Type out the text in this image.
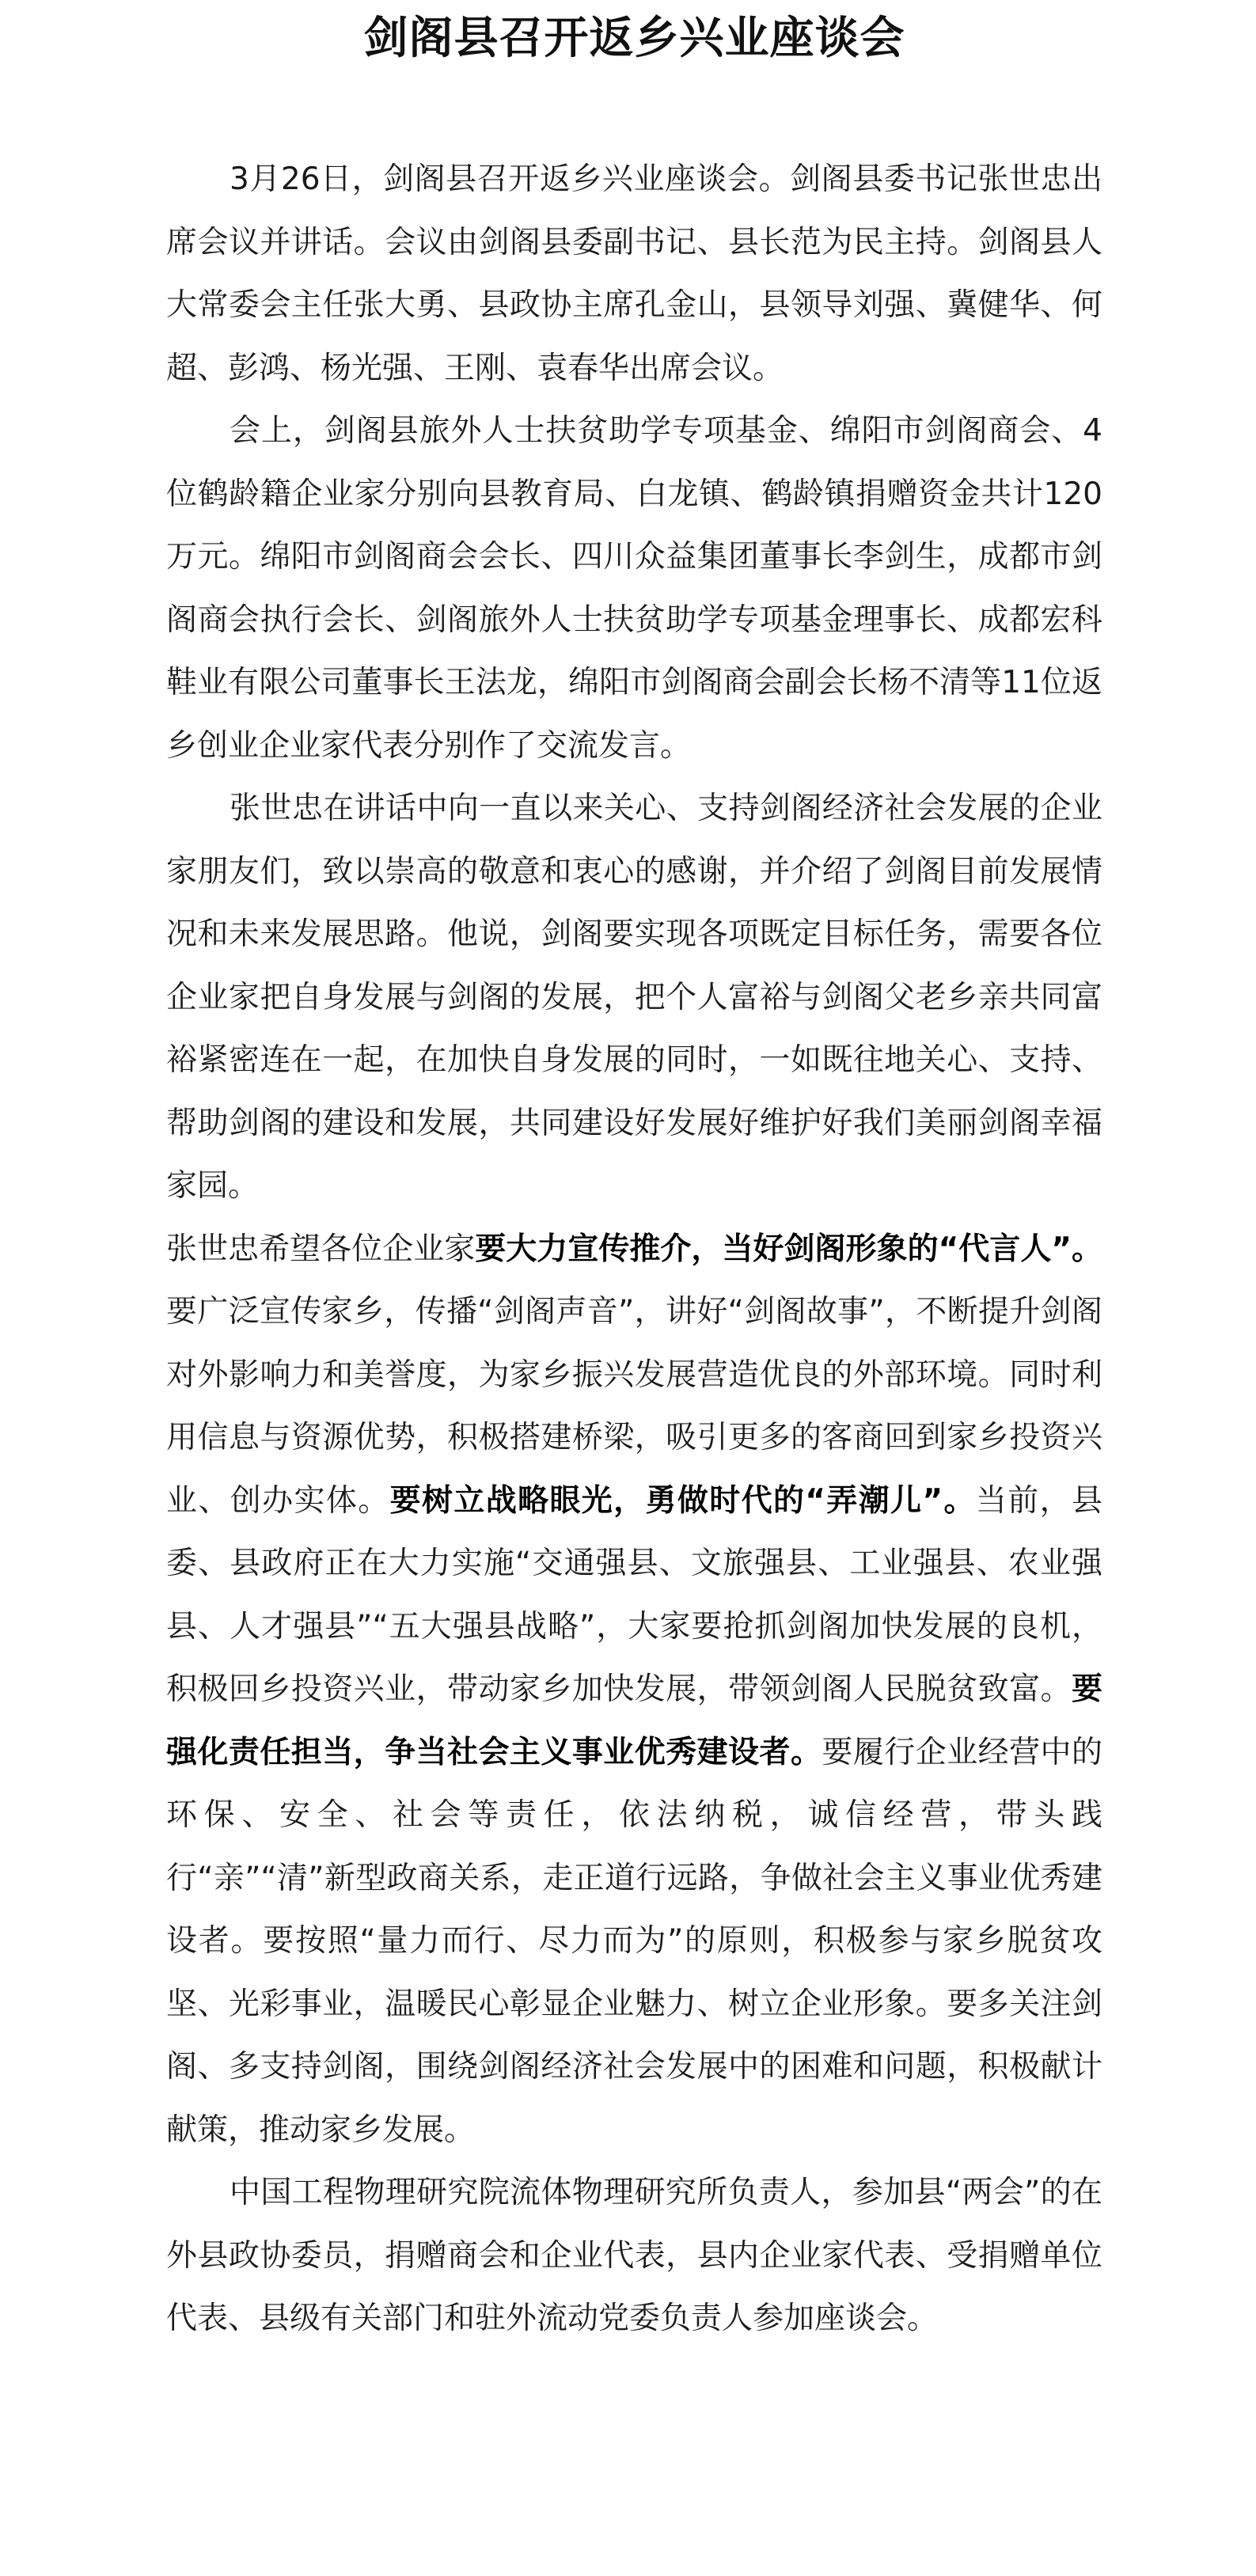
剑阁县召开返乡兴业座谈会

3月26日，剑阁县召开返乡兴业座谈会。剑阁县委书记张世忠出席会议并讲话。会议由剑阁县委副书记、县长范为民主持。剑阁县人大常委会主任张大勇、县政协主席孔金山，县领导刘强、冀健华、何超、彭鸿、杨光强、王刚、袁春华出席会议。

会上，剑阁县旅外人士扶贫助学专项基金、绵阳市剑阁商会、4位鹤龄籍企业家分别向县教育局、白龙镇、鹤龄镇捐赠资金共计120万元。绵阳市剑阁商会会长、四川众益集团董事长李剑生，成都市剑阁商会执行会长、剑阁旅外人士扶贫助学专项基金理事长、成都宏科鞋业有限公司董事长王法龙，绵阳市剑阁商会副会长杨不清等11位返乡创业企业家代表分别作了交流发言。

张世忠在讲话中向一直以来关心、支持剑阁经济社会发展的企业家朋友们，致以崇高的敬意和衷心的感谢，并介绍了剑阁目前发展情况和未来发展思路。他说，剑阁要实现各项既定目标任务，需要各位企业家把自身发展与剑阁的发展，把个人富裕与剑阁父老乡亲共同富裕紧密连在一起，在加快自身发展的同时，一如既往地关心、支持、帮助剑阁的建设和发展，共同建设好发展好维护好我们美丽剑阁幸福家园。

张世忠希望各位企业家要大力宣传推介，当好剑阁形象的“代言人”。要广泛宣传家乡，传播“剑阁声音”，讲好“剑阁故事”，不断提升剑阁对外影响力和美誉度，为家乡振兴发展营造优良的外部环境。同时利用信息与资源优势，积极搭建桥梁，吸引更多的客商回到家乡投资兴业、创办实体。要树立战略眼光，勇做时代的“弄潮儿”。当前，县委、县政府正在大力实施“交通强县、文旅强县、工业强县、农业强县、人才强县”“五大强县战略”，大家要抢抓剑阁加快发展的良机，积极回乡投资兴业，带动家乡加快发展，带领剑阁人民脱贫致富。要强化责任担当，争当社会主义事业优秀建设者。要履行企业经营中的环保、安全、社会等责任，依法纳税，诚信经营，带头践行“亲”“清”新型政商关系，走正道行远路，争做社会主义事业优秀建设者。要按照“量力而行、尽力而为”的原则，积极参与家乡脱贫攻坚、光彩事业，温暖民心彰显企业魅力、树立企业形象。要多关注剑阁、多支持剑阁，围绕剑阁经济社会发展中的困难和问题，积极献计献策，推动家乡发展。

中国工程物理研究院流体物理研究所负责人，参加县“两会”的在外县政协委员，捐赠商会和企业代表，县内企业家代表、受捐赠单位代表、县级有关部门和驻外流动党委负责人参加座谈会。
